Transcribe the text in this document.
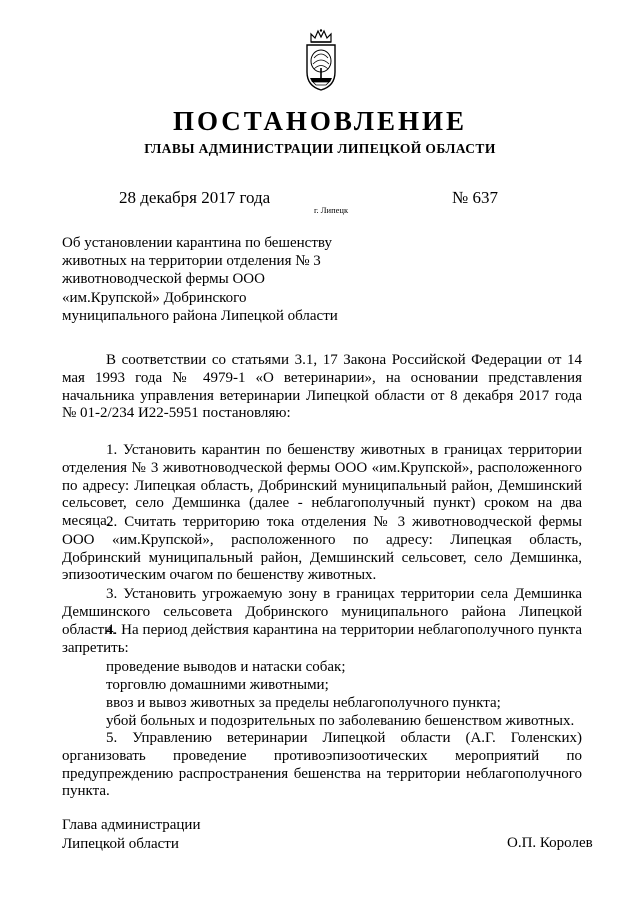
ПОСТАНОВЛЕНИЕ
ГЛАВЫ АДМИНИСТРАЦИИ ЛИПЕЦКОЙ ОБЛАСТИ
28 декабря 2017 года
г. Липецк
№ 637
Об установлении карантина по бешенству
животных на территории отделения № 3
животноводческой фермы ООО
«им.Крупской» Добринского
муниципального района Липецкой области
В соответствии со статьями 3.1, 17 Закона Российской Федерации от 14 мая 1993 года № 4979-1 «О ветеринарии», на основании представления начальника управления ветеринарии Липецкой области от 8 декабря 2017 года № 01-2/234 И22-5951 постановляю:
1. Установить карантин по бешенству животных в границах территории отделения № 3 животноводческой фермы ООО «им.Крупской», расположенного по адресу: Липецкая область, Добринский муниципальный район, Демшинский сельсовет, село Демшинка (далее - неблагополучный пункт) сроком на два месяца.
2. Считать территорию тока отделения № 3 животноводческой фермы ООО «им.Крупской», расположенного по адресу: Липецкая область, Добринский муниципальный район, Демшинский сельсовет, село Демшинка, эпизоотическим очагом по бешенству животных.
3. Установить угрожаемую зону в границах территории села Демшинка Демшинского сельсовета Добринского муниципального района Липецкой области.
4. На период действия карантина на территории неблагополучного пункта запретить:
проведение выводов и натаски собак;
торговлю домашними животными;
ввоз и вывоз животных за пределы неблагополучного пункта;
убой больных и подозрительных по заболеванию бешенством животных.
5. Управлению ветеринарии Липецкой области (А.Г. Голенских) организовать проведение противоэпизоотических мероприятий по предупреждению распространения бешенства на территории неблагополучного пункта.
Глава администрации
Липецкой области	О.П. Королев
